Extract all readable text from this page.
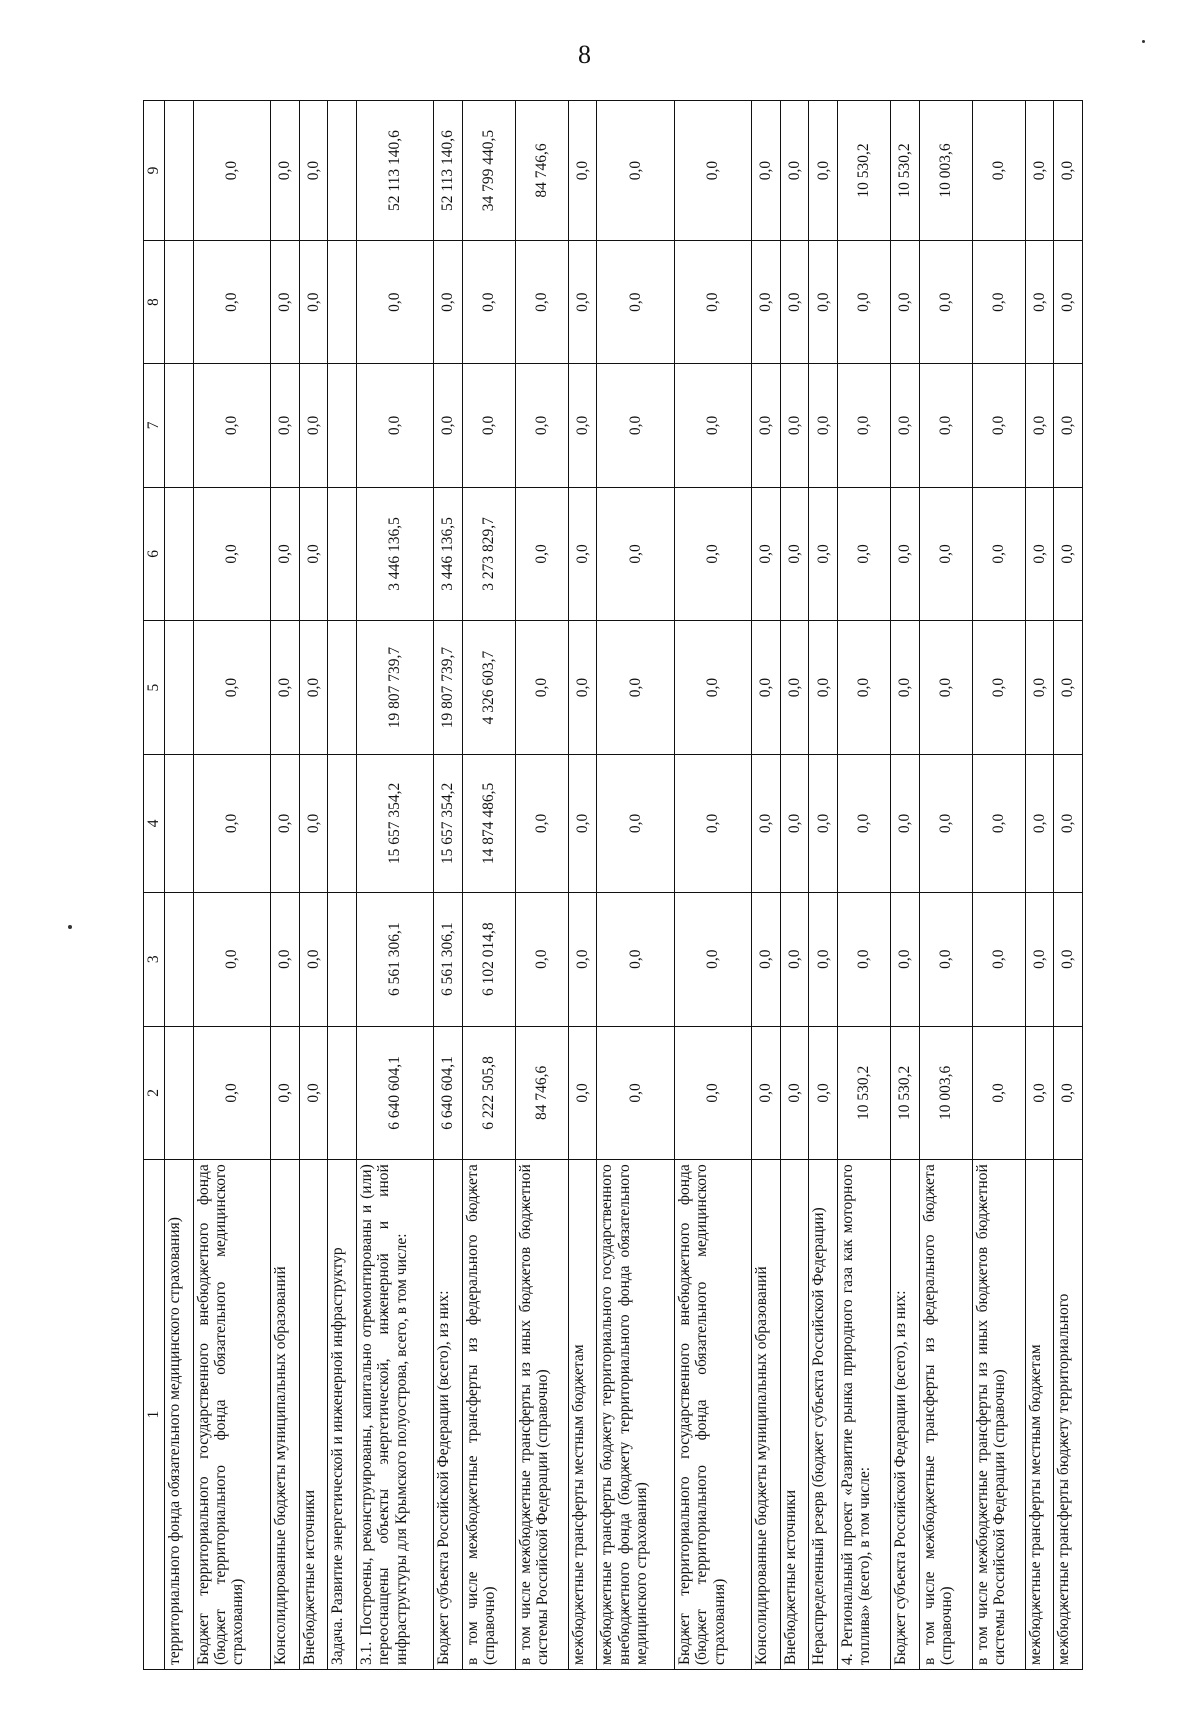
8
1	2	3	4	5	6	7	8	9
территориального фонда обязательного медицинского страхования)								
Бюджет территориального государственного внебюджетного фонда (бюджет территориального фонда обязательного медицинского страхования)	0,0	0,0	0,0	0,0	0,0	0,0	0,0	0,0
Консолидированные бюджеты муниципальных образований	0,0	0,0	0,0	0,0	0,0	0,0	0,0	0,0
Внебюджетные источники	0,0	0,0	0,0	0,0	0,0	0,0	0,0	0,0
Задача. Развитие энергетической и инженерной инфраструктур								
3.1. Построены, реконструированы, капитально отремонтированы и (или) переоснащены объекты энергетической, инженерной и иной инфраструктуры для Крымского полуострова, всего, в том числе:	6 640 604,1	6 561 306,1	15 657 354,2	19 807 739,7	3 446 136,5	0,0	0,0	52 113 140,6
Бюджет субъекта Российской Федерации (всего), из них:	6 640 604,1	6 561 306,1	15 657 354,2	19 807 739,7	3 446 136,5	0,0	0,0	52 113 140,6
в том числе межбюджетные трансферты из федерального бюджета (справочно)	6 222 505,8	6 102 014,8	14 874 486,5	4 326 603,7	3 273 829,7	0,0	0,0	34 799 440,5
в том числе межбюджетные трансферты из иных бюджетов бюджетной системы Российской Федерации (справочно)	84 746,6	0,0	0,0	0,0	0,0	0,0	0,0	84 746,6
межбюджетные трансферты местным бюджетам	0,0	0,0	0,0	0,0	0,0	0,0	0,0	0,0
межбюджетные трансферты бюджету территориального государственного внебюджетного фонда (бюджету территориального фонда обязательного медицинского страхования)	0,0	0,0	0,0	0,0	0,0	0,0	0,0	0,0
Бюджет территориального государственного внебюджетного фонда (бюджет территориального фонда обязательного медицинского страхования)	0,0	0,0	0,0	0,0	0,0	0,0	0,0	0,0
Консолидированные бюджеты муниципальных образований	0,0	0,0	0,0	0,0	0,0	0,0	0,0	0,0
Внебюджетные источники	0,0	0,0	0,0	0,0	0,0	0,0	0,0	0,0
Нераспределенный резерв (бюджет субъекта Российской Федерации)	0,0	0,0	0,0	0,0	0,0	0,0	0,0	0,0
4. Региональный проект «Развитие рынка природного газа как моторного топлива» (всего), в том числе:	10 530,2	0,0	0,0	0,0	0,0	0,0	0,0	10 530,2
Бюджет субъекта Российской Федерации (всего), из них:	10 530,2	0,0	0,0	0,0	0,0	0,0	0,0	10 530,2
в том числе межбюджетные трансферты из федерального бюджета (справочно)	10 003,6	0,0	0,0	0,0	0,0	0,0	0,0	10 003,6
в том числе межбюджетные трансферты из иных бюджетов бюджетной системы Российской Федерации (справочно)	0,0	0,0	0,0	0,0	0,0	0,0	0,0	0,0
межбюджетные трансферты местным бюджетам	0,0	0,0	0,0	0,0	0,0	0,0	0,0	0,0
межбюджетные трансферты бюджету территориального	0,0	0,0	0,0	0,0	0,0	0,0	0,0	0,0
